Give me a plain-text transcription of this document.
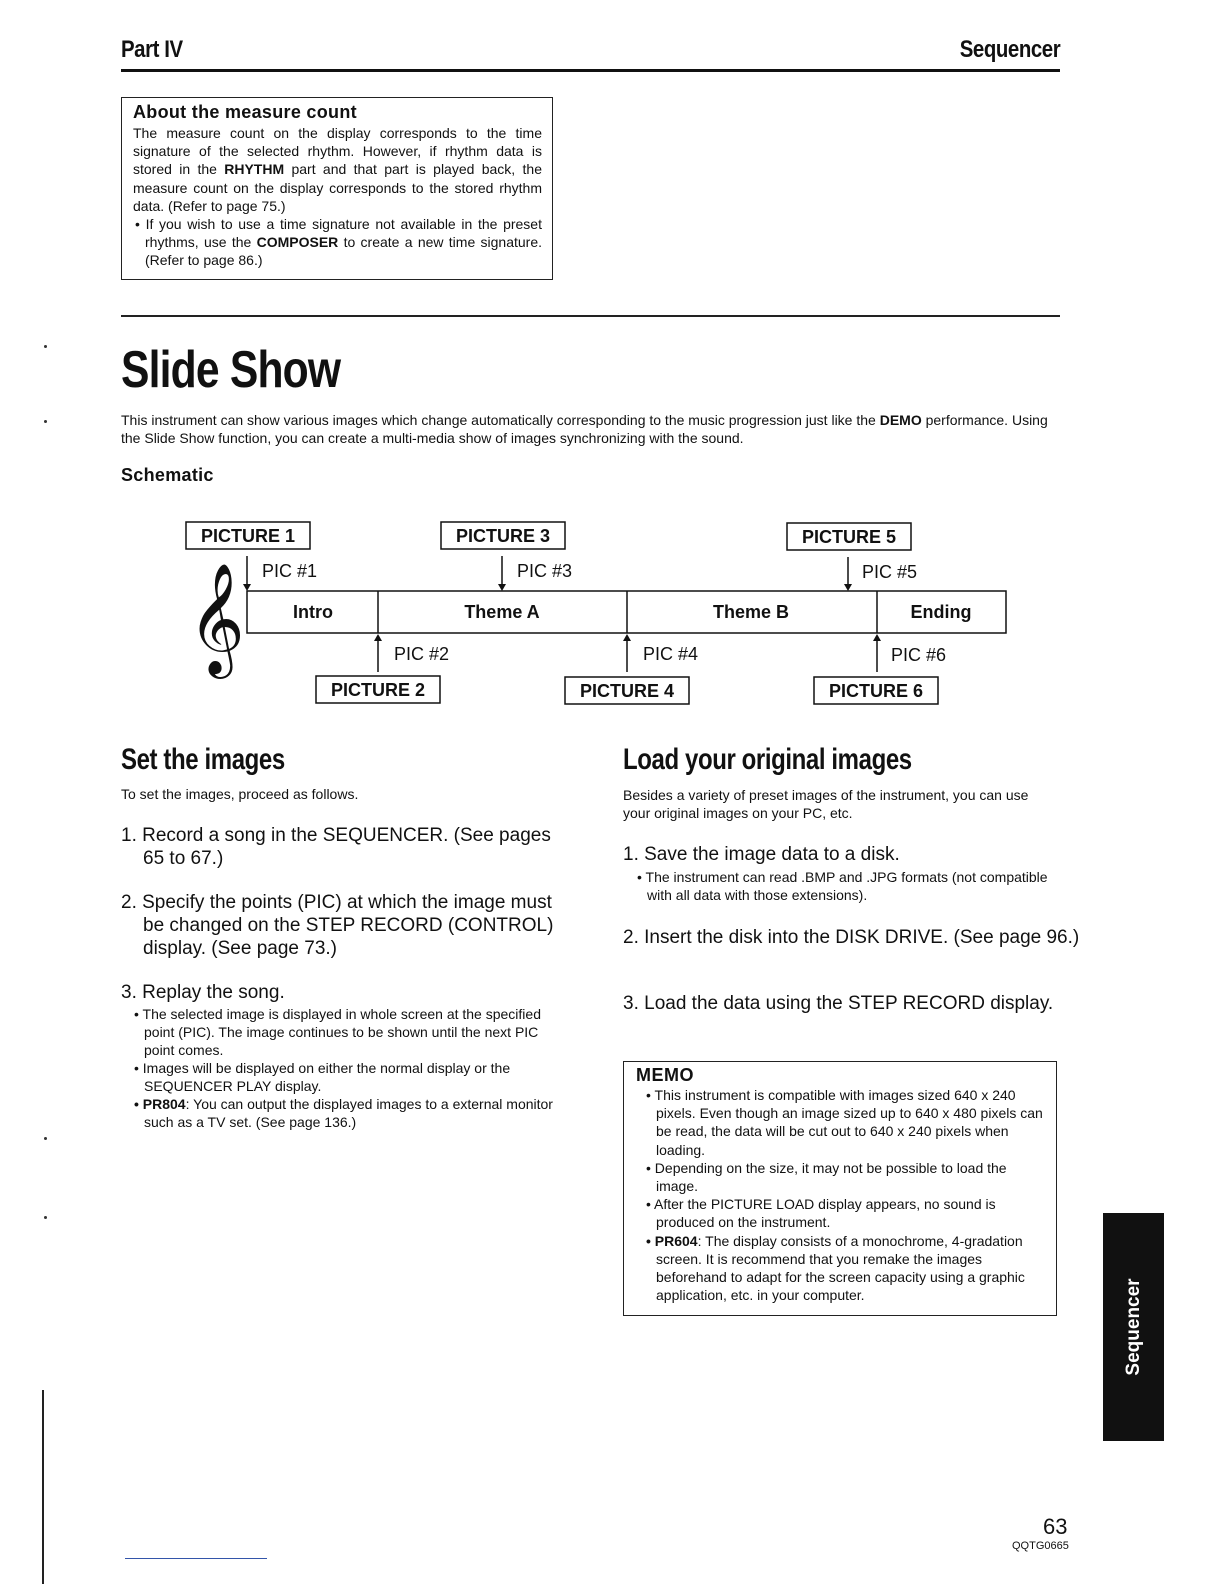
Part IV	Sequencer
About the measure count

The measure count on the display corresponds to the time signature of the selected rhythm. However, if rhythm data is stored in the RHYTHM part and that part is played back, the measure count on the display corresponds to the stored rhythm data. (Refer to page 75.)

• If you wish to use a time signature not available in the preset rhythms, use the COMPOSER to create a new time signature. (Refer to page 86.)

Slide Show
This instrument can show various images which change automatically corresponding to the music progression just like the DEMO performance. Using the Slide Show function, you can create a multi-media show of images synchronizing with the sound.
Schematic
𝄞	Intro	Theme A	Theme B	Ending
PICTURE 1	PICTURE 3	PICTURE 5
PIC #1	PIC #3	PIC #5
PIC #2	PIC #4	PIC #6
PICTURE 2	PICTURE 4	PICTURE 6
Set the images
To set the images, proceed as follows.
1. Record a song in the SEQUENCER. (See pages 65 to 67.)
2. Specify the points (PIC) at which the image must be changed on the STEP RECORD (CONTROL) display. (See page 73.)
3. Replay the song.

• The selected image is displayed in whole screen at the specified point (PIC). The image continues to be shown until the next PIC point comes.

• Images will be displayed on either the normal display or the SEQUENCER PLAY display.

• PR804: You can output the displayed images to a external monitor such as a TV set. (See page 136.)

Load your original images
Besides a variety of preset images of the instrument, you can use your original images on your PC, etc.
1. Save the image data to a disk.

• The instrument can read .BMP and .JPG formats (not compatible with all data with those extensions).

2. Insert the disk into the DISK DRIVE. (See page 96.)
3. Load the data using the STEP RECORD display.
MEMO

• This instrument is compatible with images sized 640 x 240 pixels. Even though an image sized up to 640 x 480 pixels can be read, the data will be cut out to 640 x 240 pixels when loading.

• Depending on the size, it may not be possible to load the image.

• After the PICTURE LOAD display appears, no sound is produced on the instrument.

• PR604: The display consists of a monochrome, 4-gradation screen. It is recommend that you remake the images beforehand to adapt for the screen capacity using a graphic application, etc. in your computer.	Sequencer
63
QQTG0665
